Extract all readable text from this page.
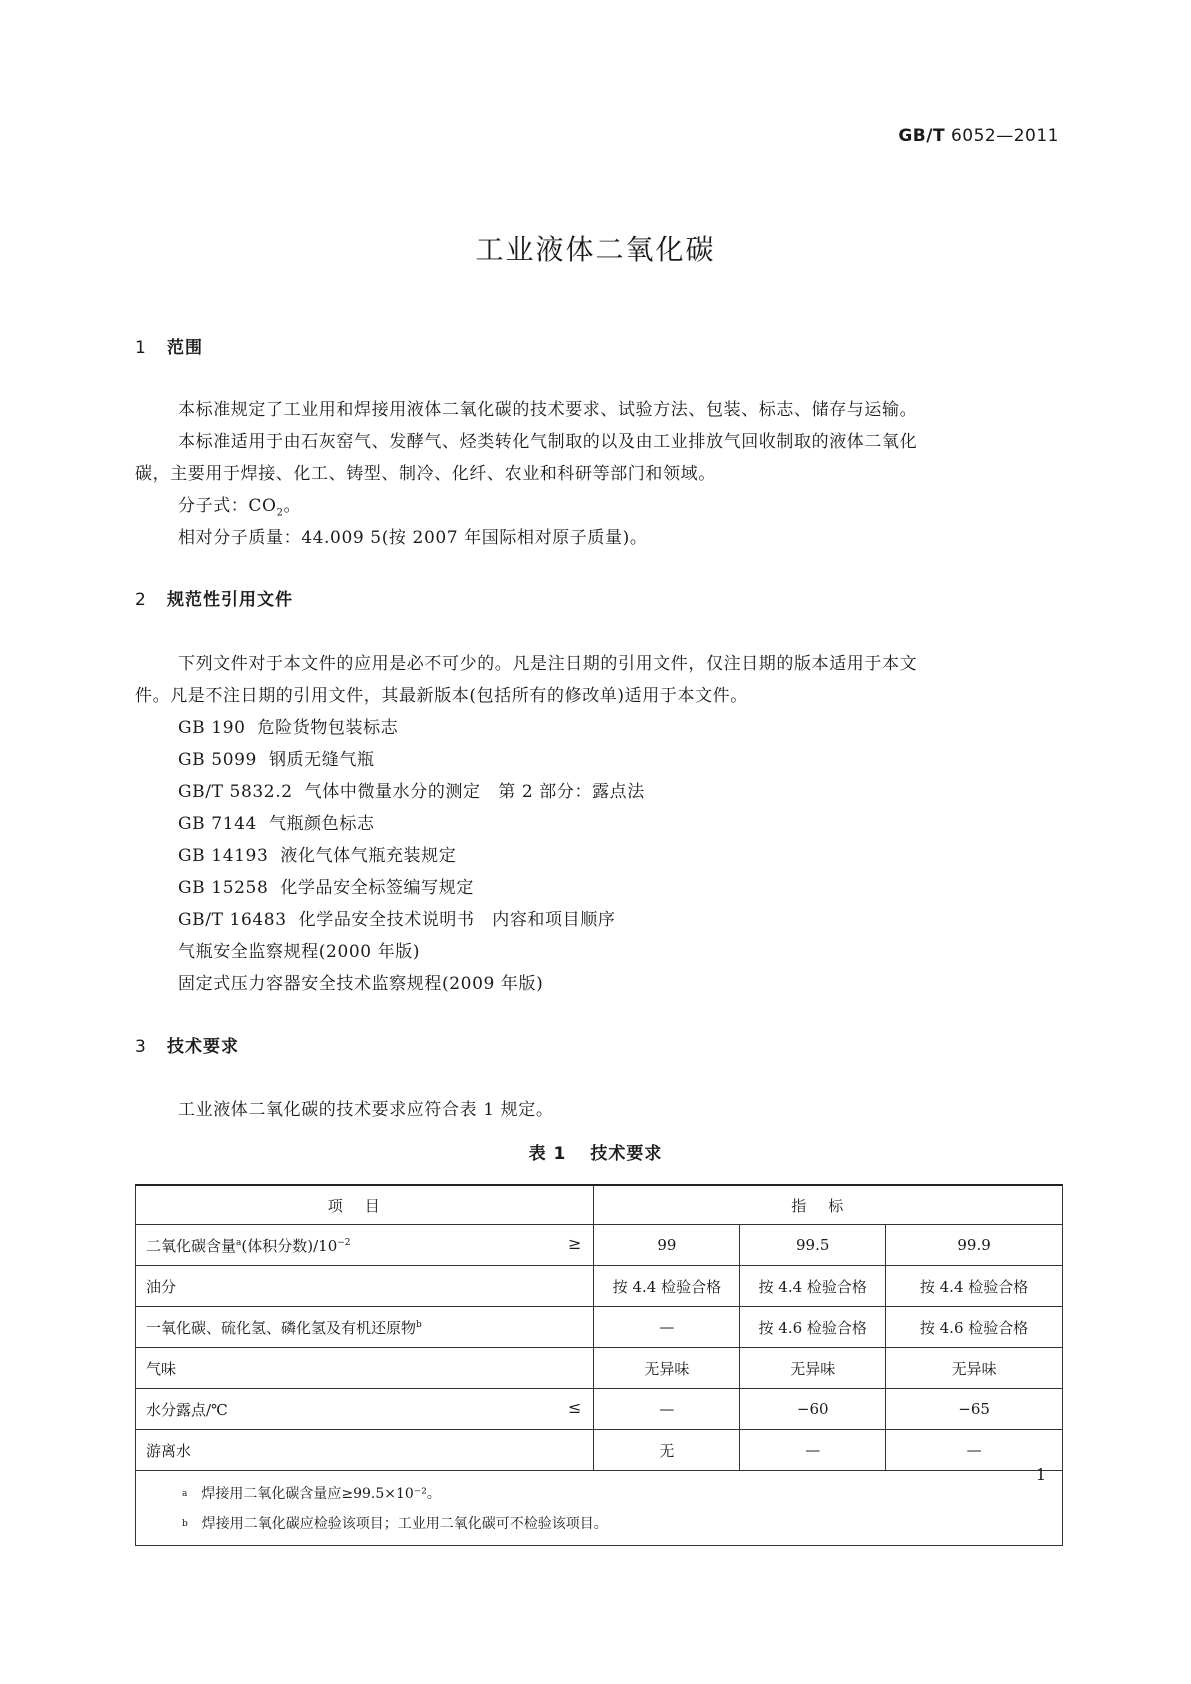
GB/T 6052—2011
工业液体二氧化碳
1 范围
本标准规定了工业用和焊接用液体二氧化碳的技术要求、试验方法、包装、标志、储存与运输。
本标准适用于由石灰窑气、发酵气、烃类转化气制取的以及由工业排放气回收制取的液体二氧化
碳，主要用于焊接、化工、铸型、制冷、化纤、农业和科研等部门和领域。
分子式：$CO_2$。
相对分子质量：44.009 5(按 2007 年国际相对原子质量)。
2 规范性引用文件
下列文件对于本文件的应用是必不可少的。凡是注日期的引用文件，仅注日期的版本适用于本文
件。凡是不注日期的引用文件，其最新版本(包括所有的修改单)适用于本文件。
GB 190 危险货物包装标志
GB 5099 钢质无缝气瓶
GB/T 5832.2 气体中微量水分的测定　第 2 部分：露点法
GB 7144 气瓶颜色标志
GB 14193 液化气体气瓶充装规定
GB 15258 化学品安全标签编写规定
GB/T 16483 化学品安全技术说明书　内容和项目顺序
气瓶安全监察规程(2000 年版)
固定式压力容器安全技术监察规程(2009 年版)
3 技术要求
工业液体二氧化碳的技术要求应符合表 1 规定。
表 1 技术要求
项目	指标		
二氧化碳含量$^a$(体积分数)$/10^{-2}$ ≥	99	99.5	99.9
油分	按 4.4 检验合格	按 4.4 检验合格	按 4.4 检验合格
一氧化碳、硫化氢、磷化氢及有机还原物$^b$	—	按 4.6 检验合格	按 4.6 检验合格
气味	无异味	无异味	无异味
水分露点/℃ ≤	—	−60	−65
游离水	无	—	—

$^a$ 焊接用二氧化碳含量应≥99.5×10⁻²。
$^b$ 焊接用二氧化碳应检验该项目；工业用二氧化碳可不检验该项目。			
1
